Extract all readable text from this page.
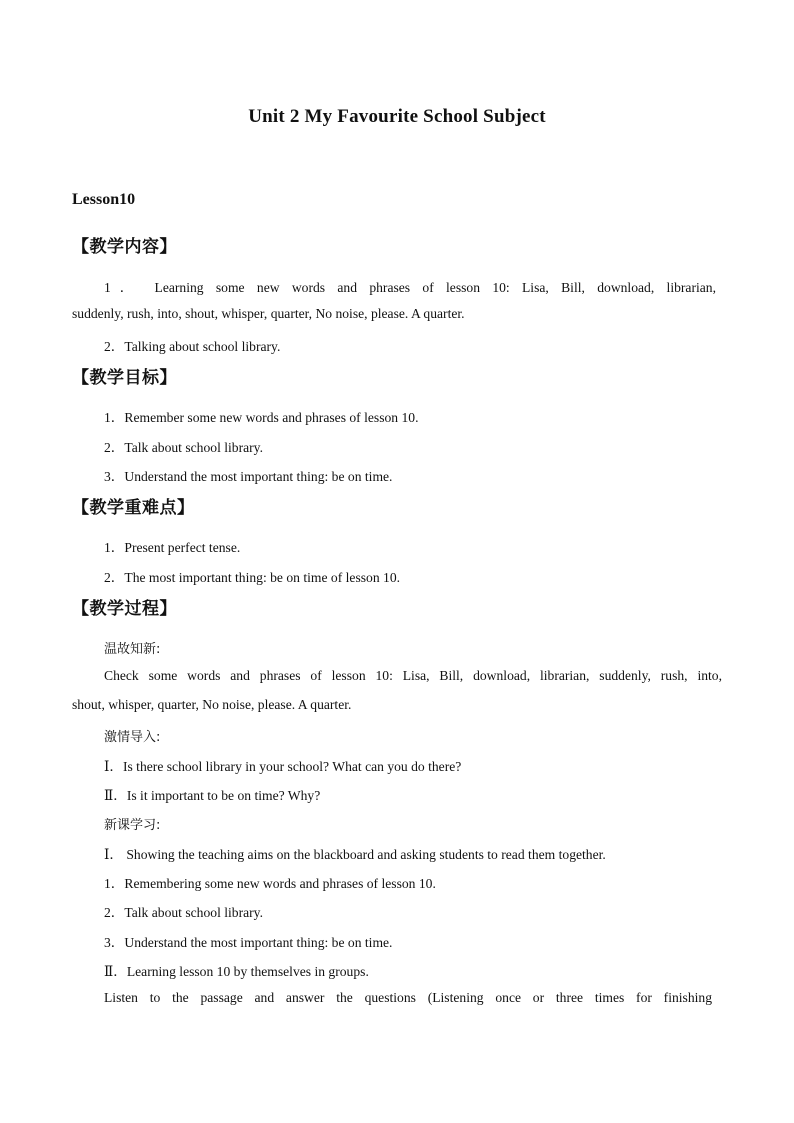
Unit 2 My Favourite School Subject
Lesson10
【教学内容】
1． Learning some new words and phrases of lesson 10: Lisa, Bill, download, librarian,
suddenly, rush, into, shout, whisper, quarter, No noise, please. A quarter.
2．Talking about school library.
【教学目标】
1．Remember some new words and phrases of lesson 10.
2．Talk about school library.
3．Understand the most important thing: be on time.
【教学重难点】
1．Present perfect tense.
2．The most important thing: be on time of lesson 10.
【教学过程】
温故知新:
Check some words and phrases of lesson 10: Lisa, Bill, download, librarian, suddenly, rush, into,
shout, whisper, quarter, No noise, please. A quarter.
激情导入:
Ⅰ．Is there school library in your school? What can you do there?
Ⅱ．Is it important to be on time? Why?
新课学习:
Ⅰ． Showing the teaching aims on the blackboard and asking students to read them together.
1．Remembering some new words and phrases of lesson 10.
2．Talk about school library.
3．Understand the most important thing: be on time.
Ⅱ．Learning lesson 10 by themselves in groups.
Listen to the passage and answer the questions (Listening once or three times for finishing
